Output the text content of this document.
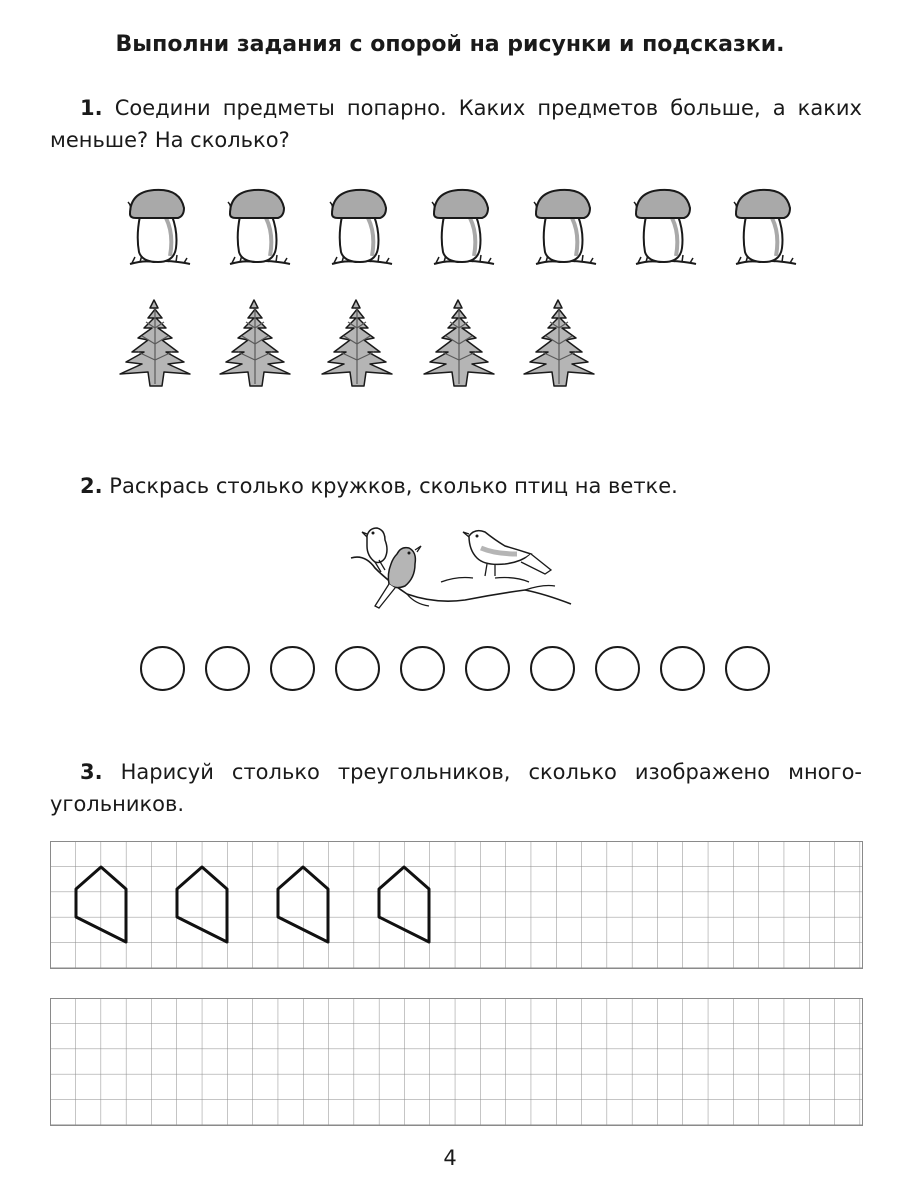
Выполни задания с опорой на рисунки и подсказки.

1. Соедини предметы попарно. Каких предметов больше, а каких меньше? На сколько?

2. Раскрась столько кружков, сколько птиц на ветке.

3. Нарисуй столько треугольников, сколько изображено много-угольников.

4
